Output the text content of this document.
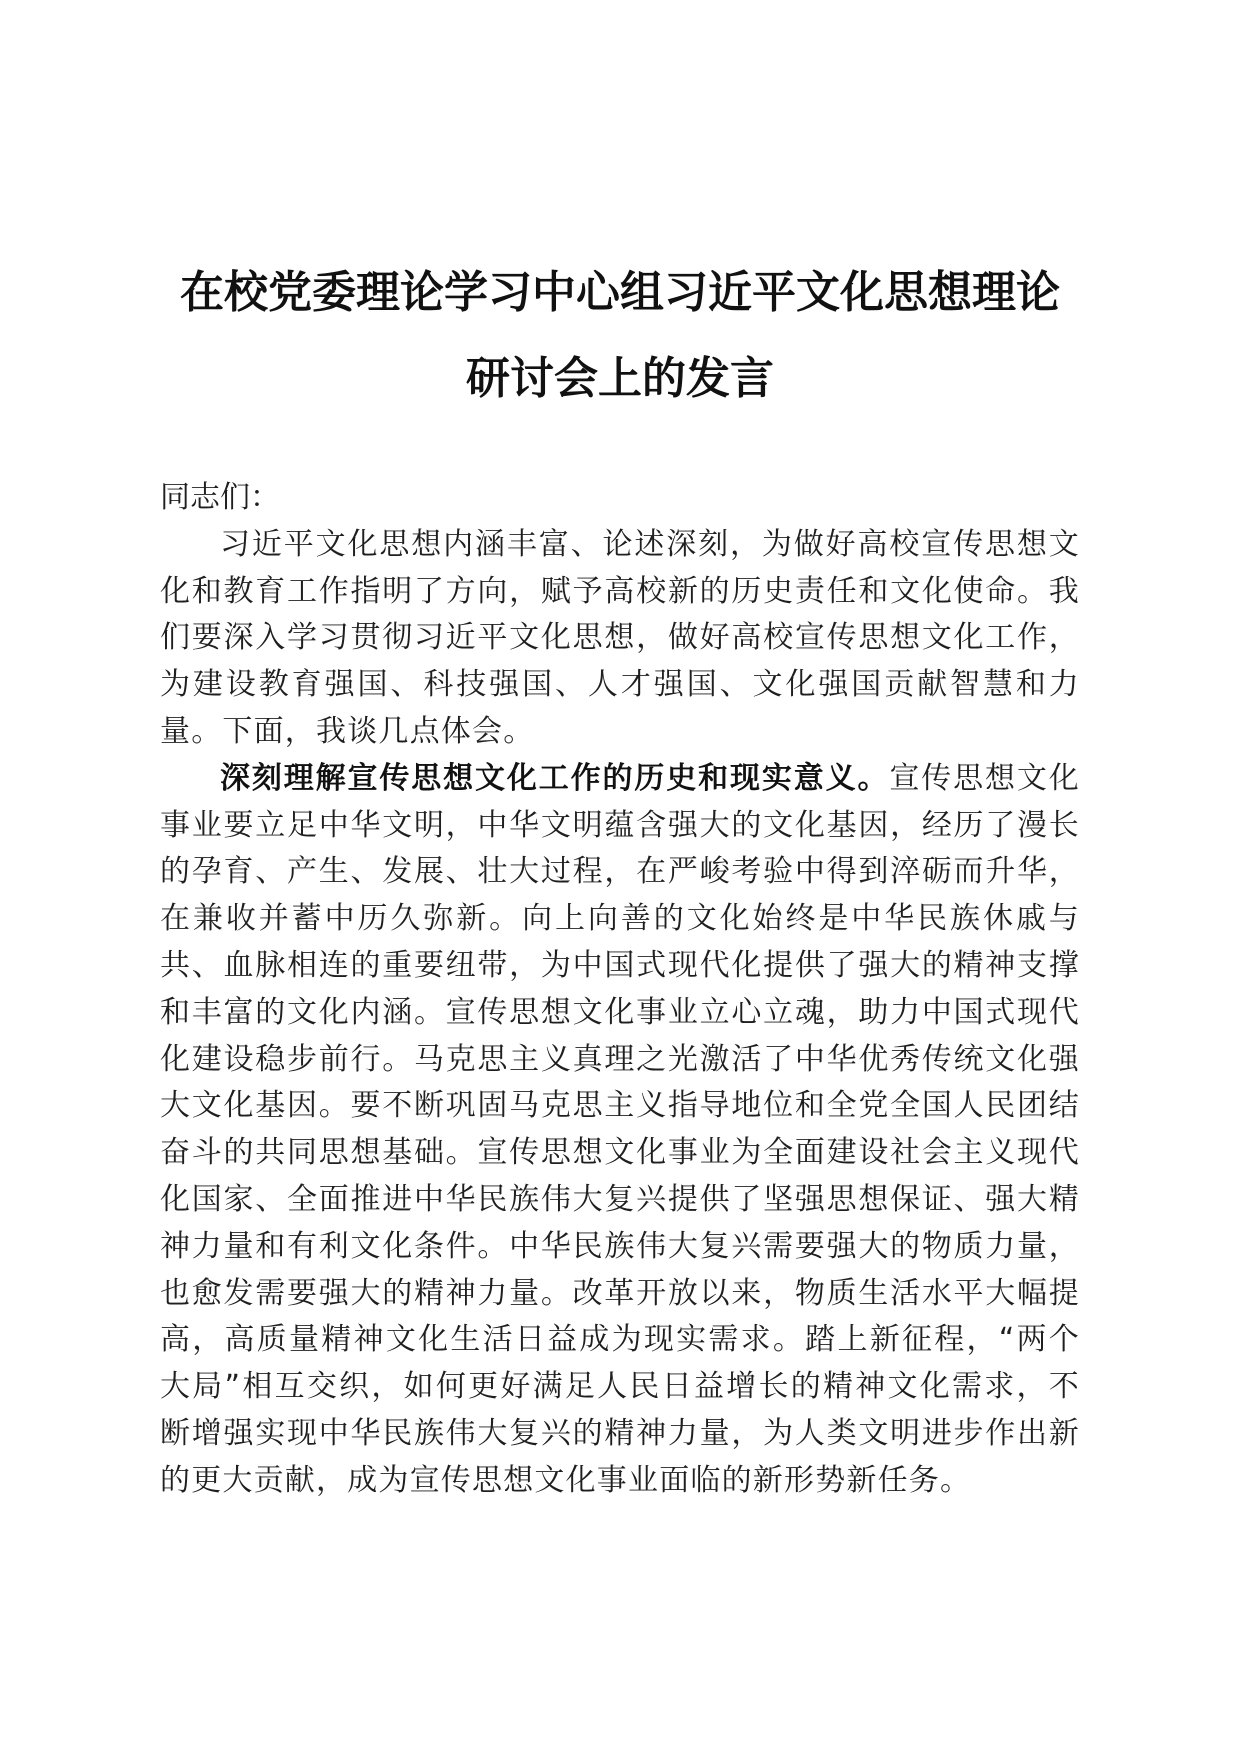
在校党委理论学习中心组习近平文化思想理论
研讨会上的发言

同志们：

习近平文化思想内涵丰富、论述深刻，为做好高校宣传思想文化和教育工作指明了方向，赋予高校新的历史责任和文化使命。我们要深入学习贯彻习近平文化思想，做好高校宣传思想文化工作，为建设教育强国、科技强国、人才强国、文化强国贡献智慧和力量。下面，我谈几点体会。

深刻理解宣传思想文化工作的历史和现实意义。宣传思想文化事业要立足中华文明，中华文明蕴含强大的文化基因，经历了漫长的孕育、产生、发展、壮大过程，在严峻考验中得到淬砺而升华，在兼收并蓄中历久弥新。向上向善的文化始终是中华民族休戚与共、血脉相连的重要纽带，为中国式现代化提供了强大的精神支撑和丰富的文化内涵。宣传思想文化事业立心立魂，助力中国式现代化建设稳步前行。马克思主义真理之光激活了中华优秀传统文化强大文化基因。要不断巩固马克思主义指导地位和全党全国人民团结奋斗的共同思想基础。宣传思想文化事业为全面建设社会主义现代化国家、全面推进中华民族伟大复兴提供了坚强思想保证、强大精神力量和有利文化条件。中华民族伟大复兴需要强大的物质力量，也愈发需要强大的精神力量。改革开放以来，物质生活水平大幅提高，高质量精神文化生活日益成为现实需求。踏上新征程，“两个大局”相互交织，如何更好满足人民日益增长的精神文化需求，不断增强实现中华民族伟大复兴的精神力量，为人类文明进步作出新的更大贡献，成为宣传思想文化事业面临的新形势新任务。
